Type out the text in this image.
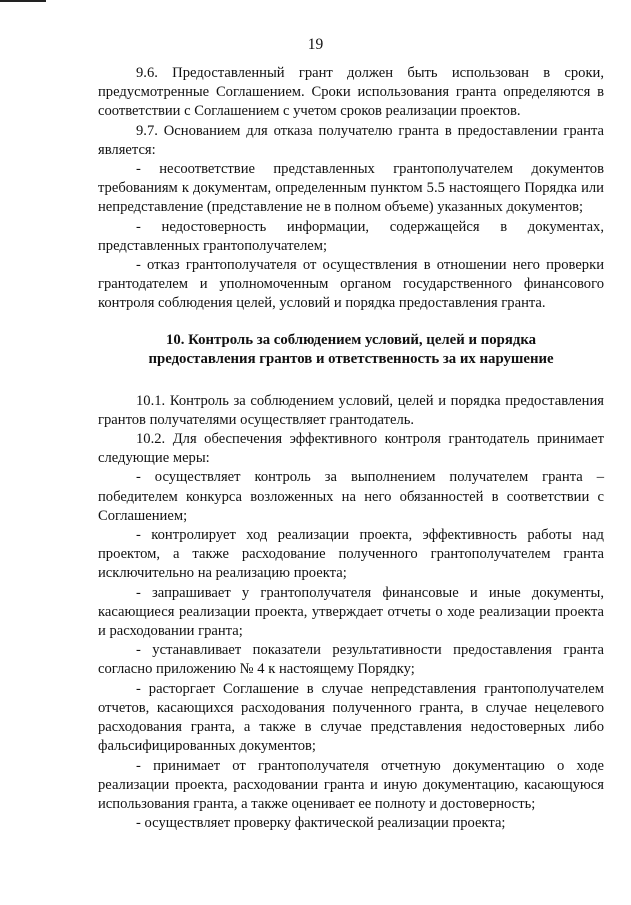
19

9.6. Предоставленный грант должен быть использован в сроки, предусмотренные Соглашением. Сроки использования гранта определяются в соответствии с Соглашением с учетом сроков реализации проектов.

9.7. Основанием для отказа получателю гранта в предоставлении гранта является:

- несоответствие представленных грантополучателем документов требованиям к документам, определенным пунктом 5.5 настоящего Порядка или непредставление (представление не в полном объеме) указанных документов;

- недостоверность информации, содержащейся в документах, представленных грантополучателем;

- отказ грантополучателя от осуществления в отношении него проверки грантодателем и уполномоченным органом государственного финансового контроля соблюдения целей, условий и порядка предоставления гранта.

10. Контроль за соблюдением условий, целей и порядка
предоставления грантов и ответственность за их нарушение

10.1. Контроль за соблюдением условий, целей и порядка предоставления грантов получателями осуществляет грантодатель.

10.2. Для обеспечения эффективного контроля грантодатель принимает следующие меры:

- осуществляет контроль за выполнением получателем гранта – победителем конкурса возложенных на него обязанностей в соответствии с Соглашением;

- контролирует ход реализации проекта, эффективность работы над проектом, а также расходование полученного грантополучателем гранта исключительно на реализацию проекта;

- запрашивает у грантополучателя финансовые и иные документы, касающиеся реализации проекта, утверждает отчеты о ходе реализации проекта и расходовании гранта;

- устанавливает показатели результативности предоставления гранта согласно приложению № 4 к настоящему Порядку;

- расторгает Соглашение в случае непредставления грантополучателем отчетов, касающихся расходования полученного гранта, в случае нецелевого расходования гранта, а также в случае представления недостоверных либо фальсифицированных документов;

- принимает от грантополучателя отчетную документацию о ходе реализации проекта, расходовании гранта и иную документацию, касающуюся использования гранта, а также оценивает ее полноту и достоверность;

- осуществляет проверку фактической реализации проекта;
